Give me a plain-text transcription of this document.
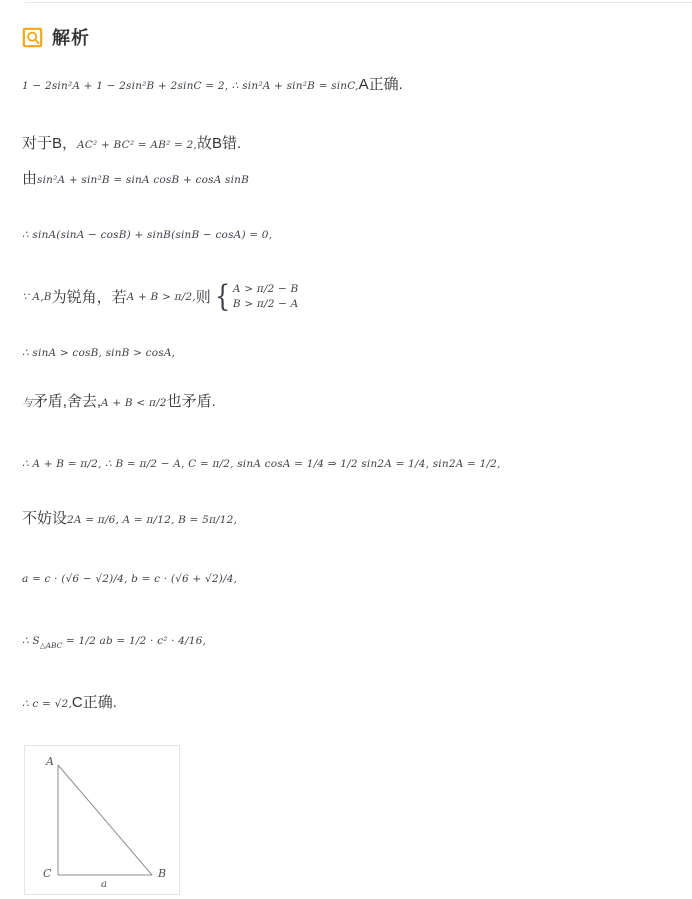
解析

1 − 2sin²A + 1 − 2sin²B + 2sinC = 2, ∴ sin²A + sin²B = sinC,A正确.

对于B，AC² + BC² = AB² = 2,故B错.

由sin²A + sin²B = sinA cosB + cosA sinB

∴ sinA(sinA − cosB) + sinB(sinB − cosA) = 0,

∵ A,B 为锐角，若 A + B > π/2, 则 { A > π/2 − B
B > π/2 − A

∴ sinA > cosB, sinB > cosA,

与矛盾,舍去,A + B < π/2也矛盾.

∴ A + B = π/2, ∴ B = π/2 − A, C = π/2, sinA cosA = 1/4 ⇒ 1/2 sin2A = 1/4, sin2A = 1/2,

不妨设2A = π/6, A = π/12, B = 5π/12,

a = c · (√6 − √2)/4, b = c · (√6 + √2)/4,

∴ $S_{\triangle ABC} = 1/2$ ab = 1/2 · c² · 4/16,

∴ c = √2,C正确.

A
C	B
a
